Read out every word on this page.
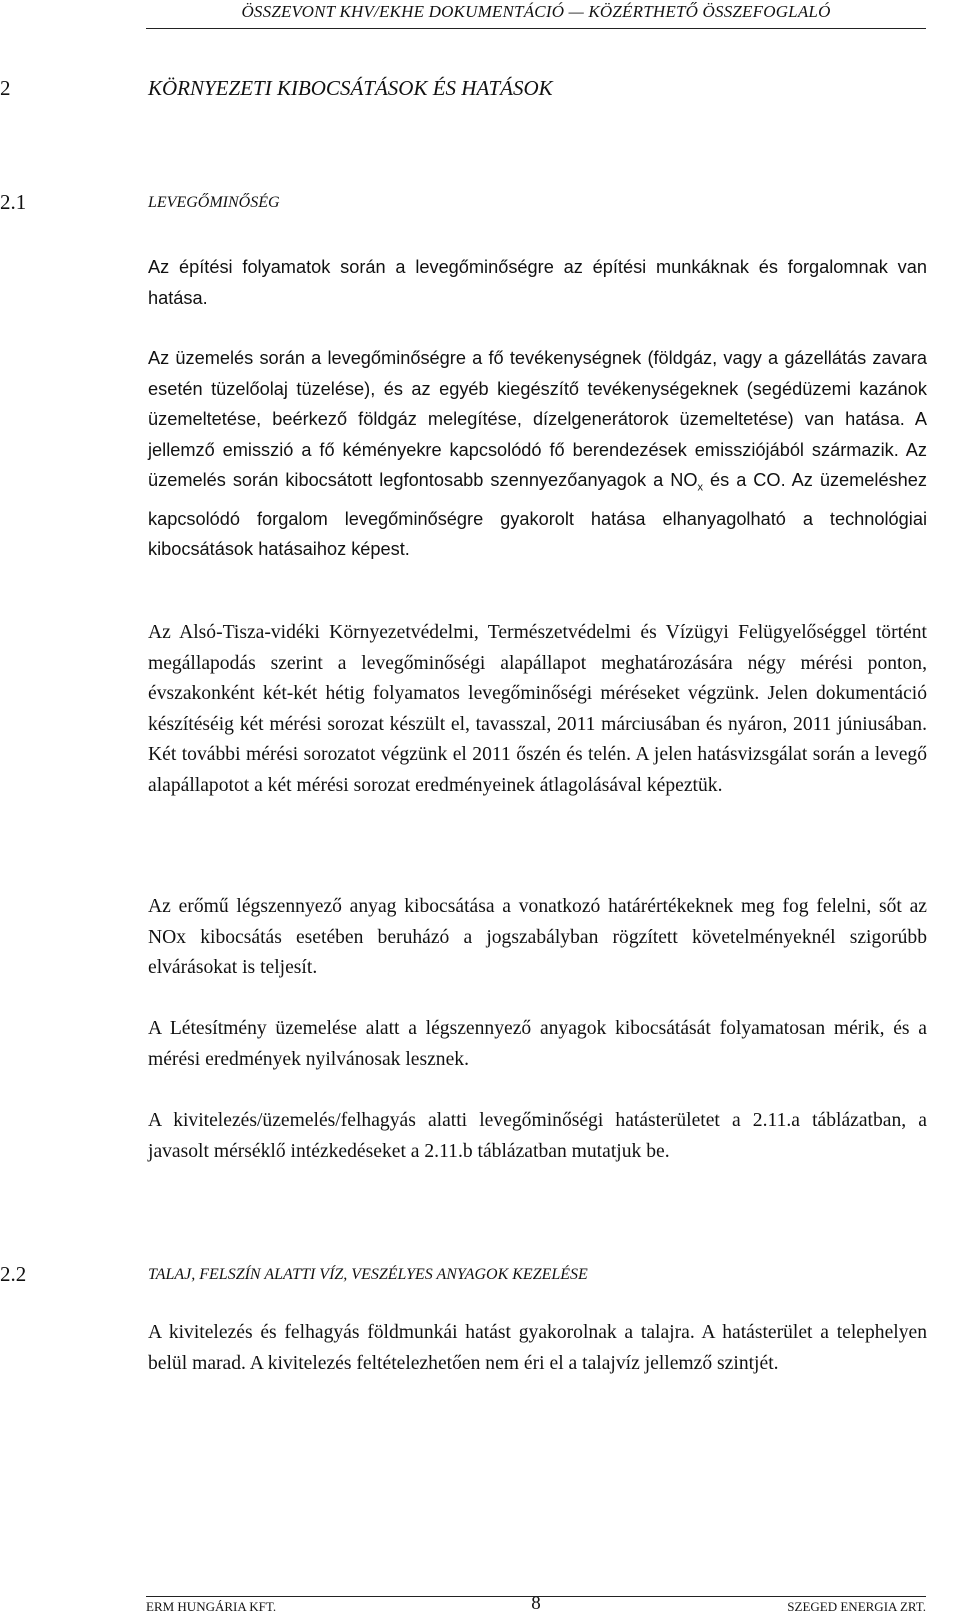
ÖSSZEVONT KHV/EKHE DOKUMENTÁCIÓ — KÖZÉRTHETŐ ÖSSZEFOGLALÓ
2	KÖRNYEZETI KIBOCSÁTÁSOK ÉS HATÁSOK
2.1	LEVEGŐMINŐSÉG

Az építési folyamatok során a levegőminőségre az építési munkáknak és forgalomnak van hatása.

Az üzemelés során a levegőminőségre a fő tevékenységnek (földgáz, vagy a gázellátás zavara esetén tüzelőolaj tüzelése), és az egyéb kiegészítő tevékenységeknek (segédüzemi kazánok üzemeltetése, beérkező földgáz melegítése, dízelgenerátorok üzemeltetése) van hatása. A jellemző emisszió a fő kéményekre kapcsolódó fő berendezések emissziójából származik. Az üzemelés során kibocsátott legfontosabb szennyezőanyagok a $NO_x$ és a CO. Az üzemeléshez kapcsolódó forgalom levegőminőségre gyakorolt hatása elhanyagolható a technológiai kibocsátások hatásaihoz képest.

Az Alsó-Tisza-vidéki Környezetvédelmi, Természetvédelmi és Vízügyi Felügyelőséggel történt megállapodás szerint a levegőminőségi alapállapot meghatározására négy mérési ponton, évszakonként két-két hétig folyamatos levegőminőségi méréseket végzünk. Jelen dokumentáció készítéséig két mérési sorozat készült el, tavasszal, 2011 márciusában és nyáron, 2011 júniusában. Két további mérési sorozatot végzünk el 2011 őszén és telén. A jelen hatásvizsgálat során a levegő alapállapotot a két mérési sorozat eredményeinek átlagolásával képeztük.

Az erőmű légszennyező anyag kibocsátása a vonatkozó határértékeknek meg fog felelni, sőt az NOx kibocsátás esetében beruházó a jogszabályban rögzített követelményeknél szigorúbb elvárásokat is teljesít.

A Létesítmény üzemelése alatt a légszennyező anyagok kibocsátását folyamatosan mérik, és a mérési eredmények nyilvánosak lesznek.

A kivitelezés/üzemelés/felhagyás alatti levegőminőségi hatásterületet a 2.11.a táblázatban, a javasolt mérséklő intézkedéseket a 2.11.b táblázatban mutatjuk be.

2.2	TALAJ, FELSZÍN ALATTI VÍZ, VESZÉLYES ANYAGOK KEZELÉSE

A kivitelezés és felhagyás földmunkái hatást gyakorolnak a talajra. A hatásterület a telephelyen belül marad. A kivitelezés feltételezhetően nem éri el a talajvíz jellemző szintjét.

ERM HUNGÁRIA KFT.	8	SZEGED ENERGIA ZRT.
